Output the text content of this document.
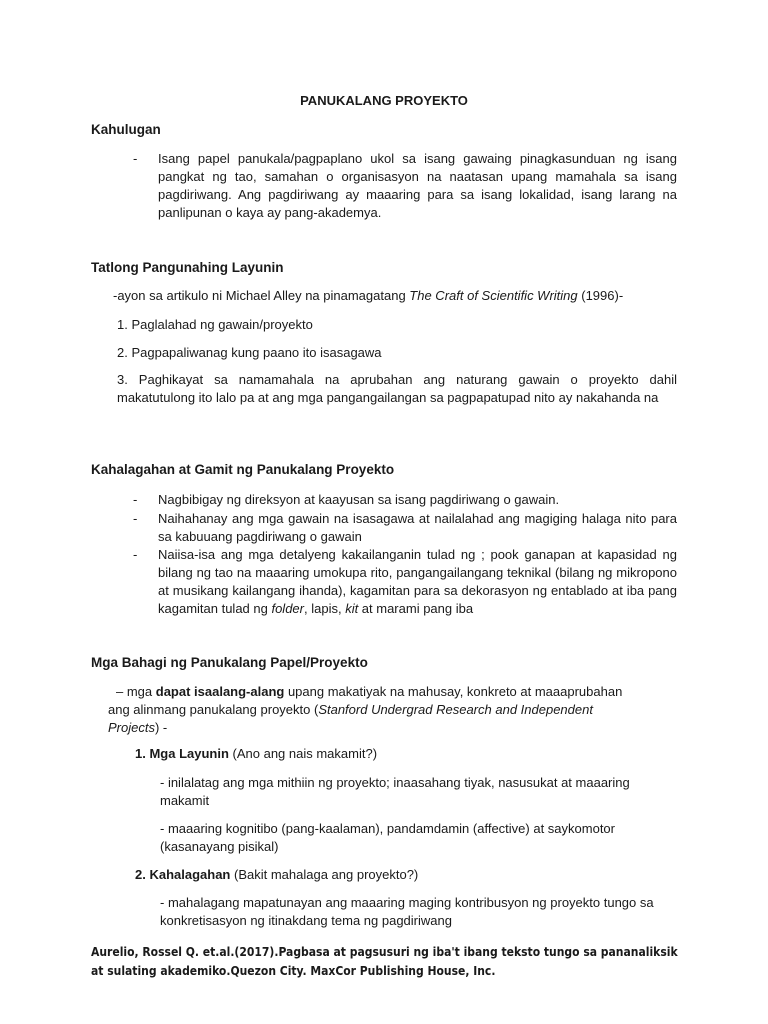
PANUKALANG PROYEKTO
Kahulugan
- Isang papel panukala/pagpaplano ukol sa isang gawaing pinagkasunduan ng isang pangkat ng tao, samahan o organisasyon na naatasan upang mamahala sa isang pagdiriwang. Ang pagdiriwang ay maaaring para sa isang lokalidad, isang larang na panlipunan o kaya ay pang-akademya.
Tatlong Pangunahing Layunin
-ayon sa artikulo ni Michael Alley na pinamagatang The Craft of Scientific Writing (1996)-
1. Paglalahad ng gawain/proyekto
2. Pagpapaliwanag kung paano ito isasagawa
3. Paghikayat sa namamahala na aprubahan ang naturang gawain o proyekto dahil makatutulong ito lalo pa at ang mga pangangailangan sa pagpapatupad nito ay nakahanda na
Kahalagahan at Gamit ng Panukalang Proyekto
- Nagbibigay ng direksyon at kaayusan sa isang pagdiriwang o gawain.
- Naihahanay ang mga gawain na isasagawa at nailalahad ang magiging halaga nito para sa kabuuang pagdiriwang o gawain
- Naiisa-isa ang mga detalyeng kakailanganin tulad ng ; pook ganapan at kapasidad ng bilang ng tao na maaaring umokupa rito, pangangailangang teknikal (bilang ng mikropono at musikang kailangang ihanda), kagamitan para sa dekorasyon ng entablado at iba pang kagamitan tulad ng folder, lapis, kit at marami pang iba
Mga Bahagi ng Panukalang Papel/Proyekto
– mga dapat isaalang-alang upang makatiyak na mahusay, konkreto at maaaprubahan ang alinmang panukalang proyekto (Stanford Undergrad Research and Independent Projects) -
1. Mga Layunin (Ano ang nais makamit?)
- inilalatag ang mga mithiin ng proyekto; inaasahang tiyak, nasusukat at maaaring makamit
- maaaring kognitibo (pang-kaalaman), pandamdamin (affective) at saykomotor (kasanayang pisikal)
2. Kahalagahan (Bakit mahalaga ang proyekto?)
- mahalagang mapatunayan ang maaaring maging kontribusyon ng proyekto tungo sa konkretisasyon ng itinakdang tema ng pagdiriwang
Aurelio, Rossel Q. et.al.(2017).Pagbasa at pagsusuri ng iba't ibang teksto tungo sa pananaliksik at sulating akademiko.Quezon City. MaxCor Publishing House, Inc.
